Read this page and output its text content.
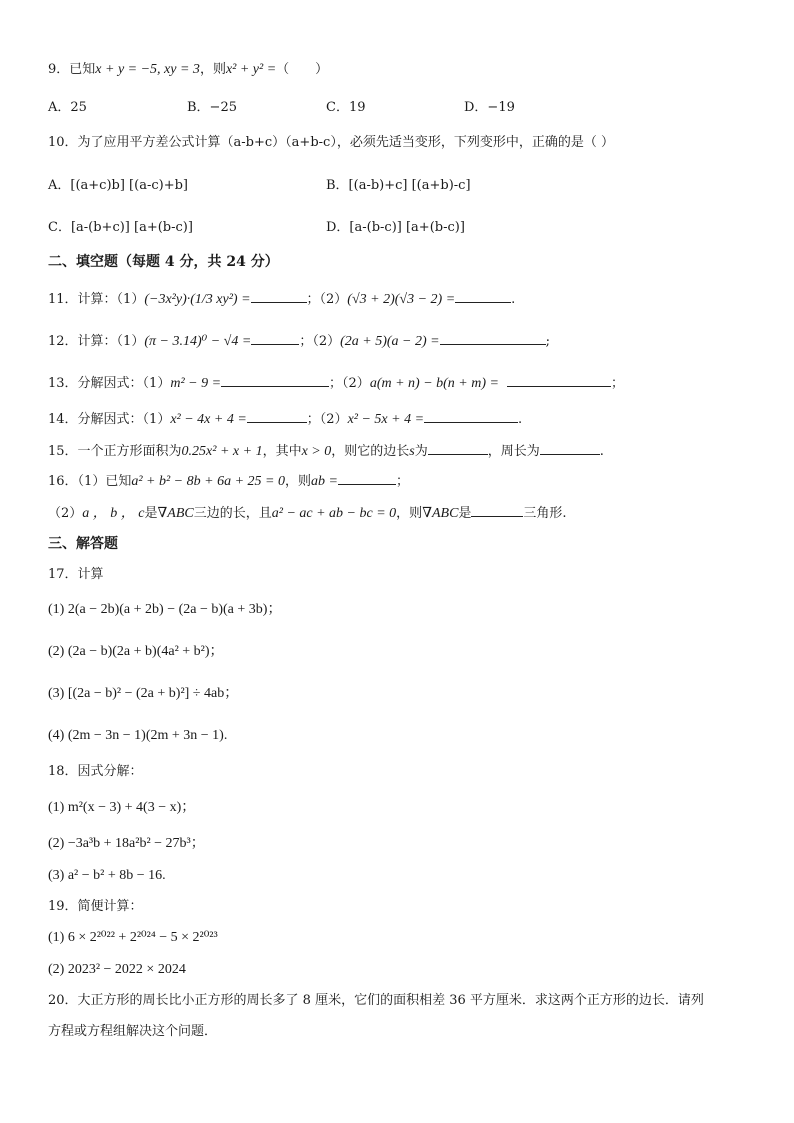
9．已知x + y = −5, xy = 3，则x² + y² =（　　）
A．25	B．−25	C．19	D．−19
10．为了应用平方差公式计算（a-b+c）（a+b-c），必须先适当变形，下列变形中，正确的是（ ）
A．[(a+c)b] [(a-c)+b]	B．[(a-b)+c] [(a+b)-c]
C．[a-(b+c)] [a+(b-c)]	D．[a-(b-c)] [a+(b-c)]
二、填空题（每题 4 分，共 24 分）
11．计算：（1）(−3x²y)·(1/3 xy²) =	；（2）(√3 + 2)(√3 − 2) =	.
12．计算：（1）(π − 3.14)⁰ − √4 =	；（2）(2a + 5)(a − 2) =	;
13．分解因式：（1）m² − 9 =	；（2）a(m + n) − b(n + m) =	；
14．分解因式：（1）x² − 4x + 4 =	；（2）x² − 5x + 4 =	.
15．一个正方形面积为0.25x² + x + 1，其中x > 0，则它的边长s为	，周长为	.
16．（1）已知a² + b² − 8b + 6a + 25 = 0，则ab =	；
（2）a ， b ， c是∇ABC三边的长，且a² − ac + ab − bc = 0，则∇ABC是	三角形.
三、解答题
17．计算
(1) 2(a − 2b)(a + 2b) − (2a − b)(a + 3b)；
(2) (2a − b)(2a + b)(4a² + b²)；
(3) [(2a − b)² − (2a + b)²] ÷ 4ab；
(4) (2m − 3n − 1)(2m + 3n − 1).
18．因式分解：
(1) m²(x − 3) + 4(3 − x)；
(2) −3a³b + 18a²b² − 27b³；
(3) a² − b² + 8b − 16.
19．简便计算：
(1) 6 × 2²⁰²² + 2²⁰²⁴ − 5 × 2²⁰²³
(2) 2023² − 2022 × 2024
20．大正方形的周长比小正方形的周长多了 8 厘米，它们的面积相差 36 平方厘米．求这两个正方形的边长．请列
方程或方程组解决这个问题．
